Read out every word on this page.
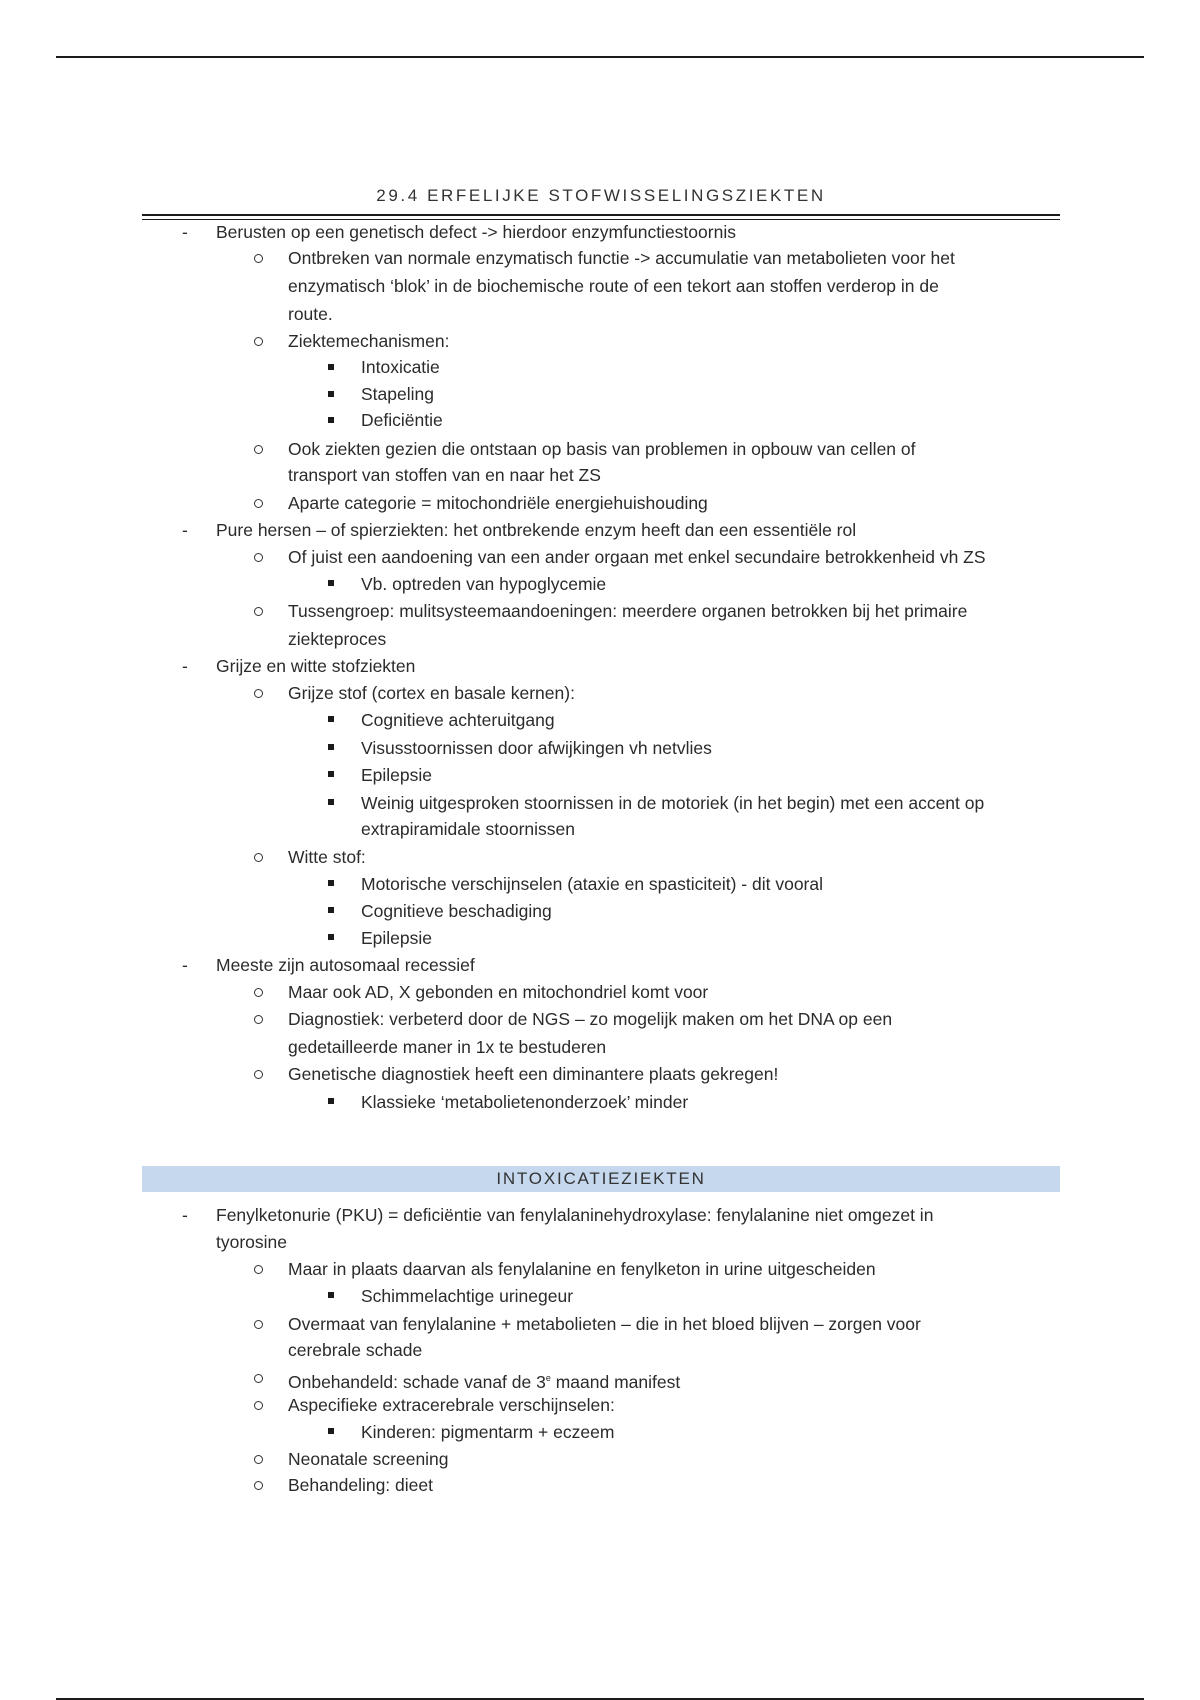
29.4 ERFELIJKE STOFWISSELINGSZIEKTEN
- Berusten op een genetisch defect -> hierdoor enzymfunctiestoornis
Ontbreken van normale enzymatisch functie -> accumulatie van metabolieten voor het
enzymatisch ‘blok’ in de biochemische route of een tekort aan stoffen verderop in de
route.
Ziektemechanismen:
Intoxicatie
Stapeling
Deficiëntie
Ook ziekten gezien die ontstaan op basis van problemen in opbouw van cellen of
transport van stoffen van en naar het ZS
Aparte categorie = mitochondriële energiehuishouding
- Pure hersen – of spierziekten: het ontbrekende enzym heeft dan een essentiële rol
Of juist een aandoening van een ander orgaan met enkel secundaire betrokkenheid vh ZS
Vb. optreden van hypoglycemie
Tussengroep: mulitsysteemaandoeningen: meerdere organen betrokken bij het primaire
ziekteproces
- Grijze en witte stofziekten
Grijze stof (cortex en basale kernen):
Cognitieve achteruitgang
Visusstoornissen door afwijkingen vh netvlies
Epilepsie
Weinig uitgesproken stoornissen in de motoriek (in het begin) met een accent op
extrapiramidale stoornissen
Witte stof:
Motorische verschijnselen (ataxie en spasticiteit) - dit vooral
Cognitieve beschadiging
Epilepsie
- Meeste zijn autosomaal recessief
Maar ook AD, X gebonden en mitochondriel komt voor
Diagnostiek: verbeterd door de NGS – zo mogelijk maken om het DNA op een
gedetailleerde maner in 1x te bestuderen
Genetische diagnostiek heeft een diminantere plaats gekregen!
Klassieke ‘metabolietenonderzoek’ minder
INTOXICATIEZIEKTEN
- Fenylketonurie (PKU) = deficiëntie van fenylalaninehydroxylase: fenylalanine niet omgezet in
tyorosine
Maar in plaats daarvan als fenylalanine en fenylketon in urine uitgescheiden
Schimmelachtige urinegeur
Overmaat van fenylalanine + metabolieten – die in het bloed blijven – zorgen voor
cerebrale schade
Onbehandeld: schade vanaf de 3e maand manifest
Aspecifieke extracerebrale verschijnselen:
Kinderen: pigmentarm + eczeem
Neonatale screening
Behandeling: dieet
